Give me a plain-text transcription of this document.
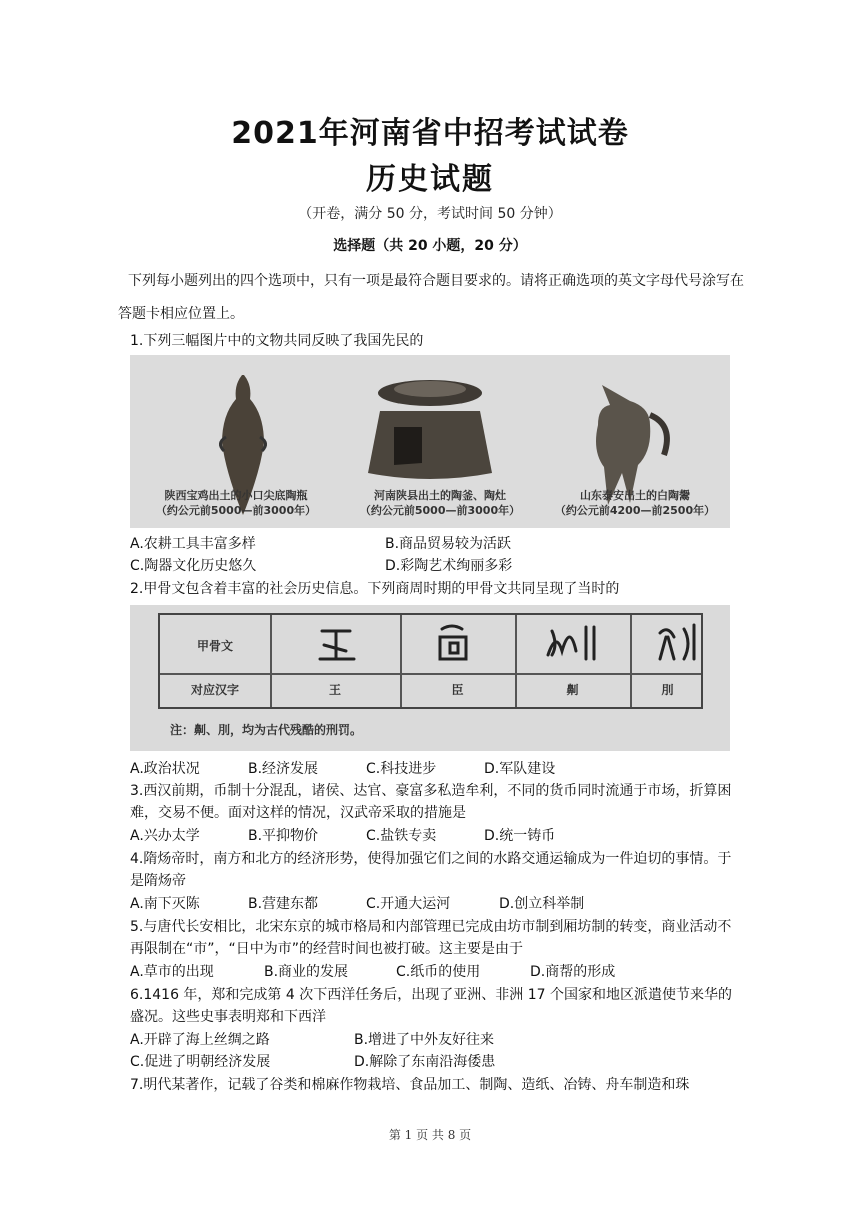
2021年河南省中招考试试卷
历史试题
（开卷，满分 50 分，考试时间 50 分钟）
选择题（共 20 小题，20 分）
下列每小题列出的四个选项中，只有一项是最符合题目要求的。请将正确选项的英文字母代号涂写在答题卡相应位置上。
1.下列三幅图片中的文物共同反映了我国先民的
陕西宝鸡出土的小口尖底陶瓶
（约公元前5000—前3000年）
河南陕县出土的陶釜、陶灶
（约公元前5000—前3000年）
山东泰安出土的白陶鬶
（约公元前4200—前2500年）
A.农耕工具丰富多样	B.商品贸易较为活跃
C.陶器文化历史悠久	D.彩陶艺术绚丽多彩
2.甲骨文包含着丰富的社会历史信息。下列商周时期的甲骨文共同呈现了当时的
甲骨文
对应汉字	王	臣	劓	刖
注：劓、刖，均为古代残酷的刑罚。
A.政治状况	B.经济发展	C.科技进步	D.军队建设
3.西汉前期，币制十分混乱，诸侯、达官、豪富多私造牟利，不同的货币同时流通于市场，折算困难，交易不便。面对这样的情况，汉武帝采取的措施是
A.兴办太学	B.平抑物价	C.盐铁专卖	D.统一铸币
4.隋炀帝时，南方和北方的经济形势，使得加强它们之间的水路交通运输成为一件迫切的事情。于是隋炀帝
A.南下灭陈	B.营建东都	C.开通大运河	D.创立科举制
5.与唐代长安相比，北宋东京的城市格局和内部管理已完成由坊市制到厢坊制的转变，商业活动不再限制在“市”，“日中为市”的经营时间也被打破。这主要是由于
A.草市的出现	B.商业的发展	C.纸币的使用	D.商帮的形成
6.1416 年，郑和完成第 4 次下西洋任务后，出现了亚洲、非洲 17 个国家和地区派遣使节来华的盛况。这些史事表明郑和下西洋
A.开辟了海上丝绸之路	B.增进了中外友好往来
C.促进了明朝经济发展	D.解除了东南沿海倭患
7.明代某著作，记载了谷类和棉麻作物栽培、食品加工、制陶、造纸、冶铸、舟车制造和珠
第 1 页 共 8 页
